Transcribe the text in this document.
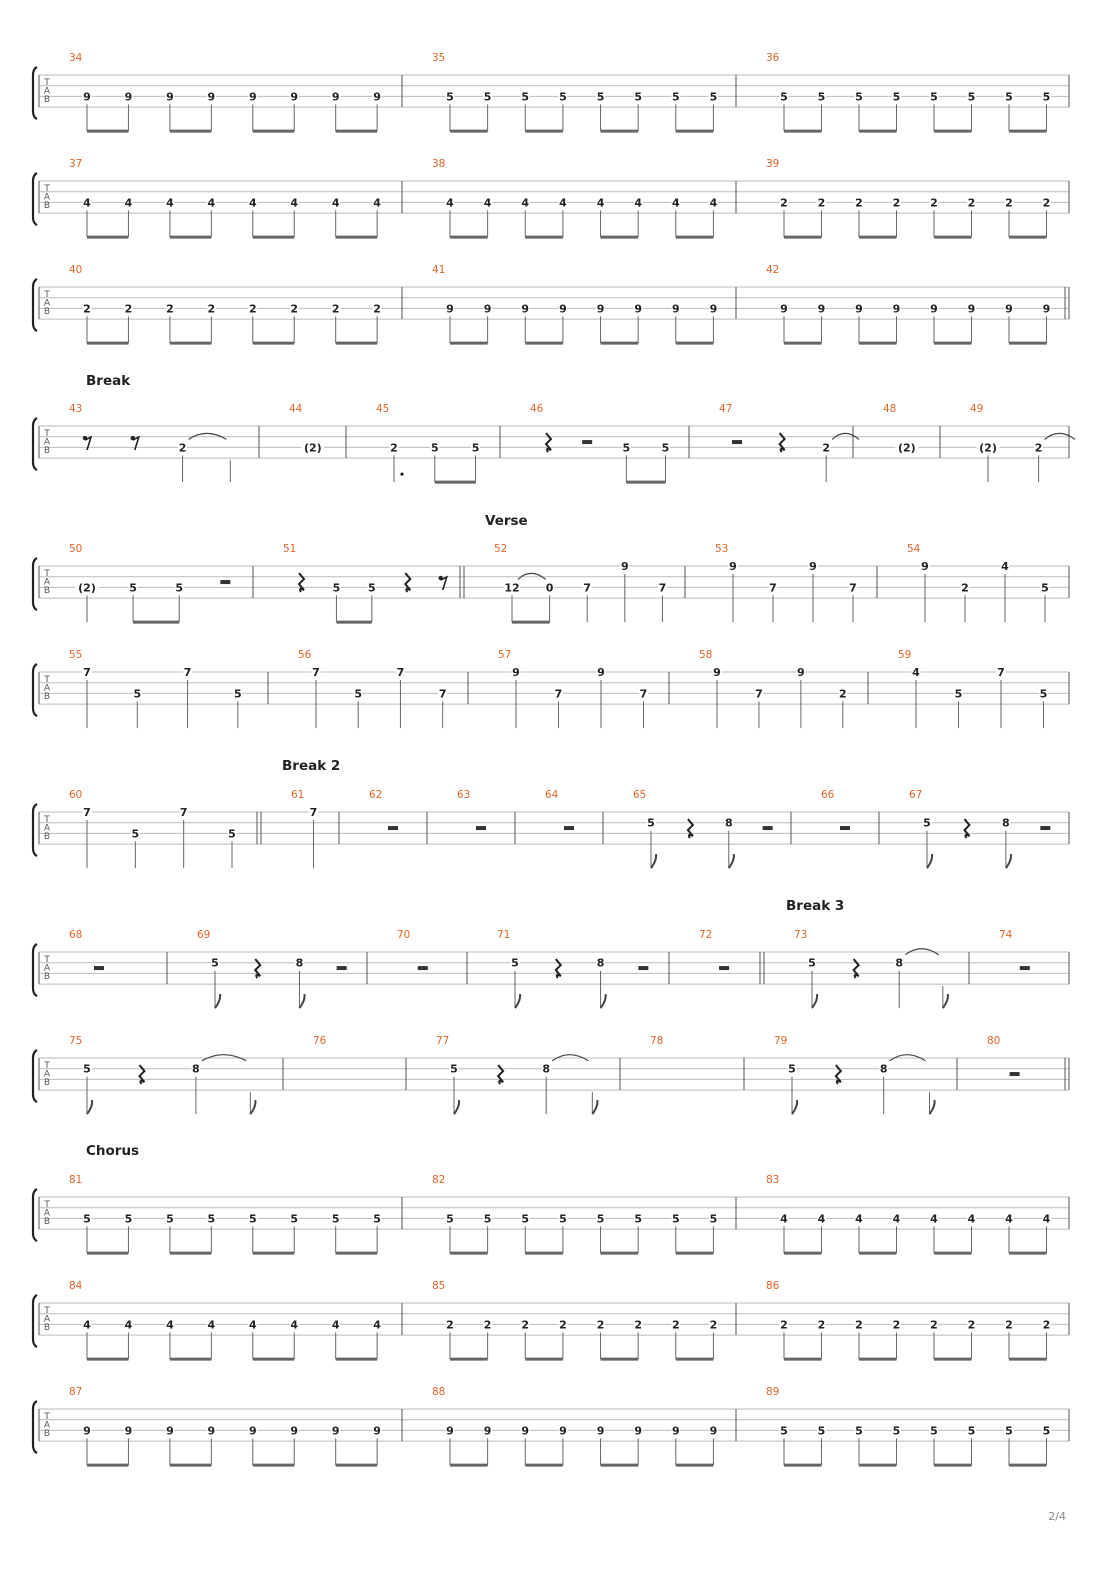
T
A
B
34
9	9	9	9	9	9	9	9
35
5	5	5	5	5	5	5	5
36
5	5	5	5	5	5	5	5
T
A
B
37
4	4	4	4	4	4	4	4
38
4	4	4	4	4	4	4	4
39
2	2	2	2	2	2	2	2
T
A
B
40
2	2	2	2	2	2	2	2
41
9	9	9	9	9	9	9	9
42
9	9	9	9	9	9	9	9
T
A
B
43
2
44
(2)
45
2	5	5
46
5	5
47
2
48
(2)
49
(2)	2
T
A
B
50
(2)	5	5
51
5	5
52
12 0	7
9
7
53
9
7
9
7
54
9
2
4
5
T
A
B
55
7
5
7
5
56
7
5
7
7
57
9
7
9
7
58
9
7
9
2
59
4
5
7
5
T
A
B
60
7
5
7
5
61
7
62	63	64	65
5	8
66	67
5	8
T
A
B
68	69
5	8
70	71
5	8
72	73
5	8
74
T
A
B
75
5	8
76	77
5	8
78	79
5	8
80
T
A
B
81
5	5	5	5	5	5	5	5
82
5	5	5	5	5	5	5	5
83
4	4	4	4	4	4	4	4
T
A
B
84
4	4	4	4	4	4	4	4
85
2	2	2	2	2	2	2	2
86
2	2	2	2	2	2	2	2
T
A
B
87
9	9	9	9	9	9	9	9
88
9	9	9	9	9	9	9	9
89
5	5	5	5	5	5	5	5
Break
Verse
Break 2
Break 3
Chorus
2/4
